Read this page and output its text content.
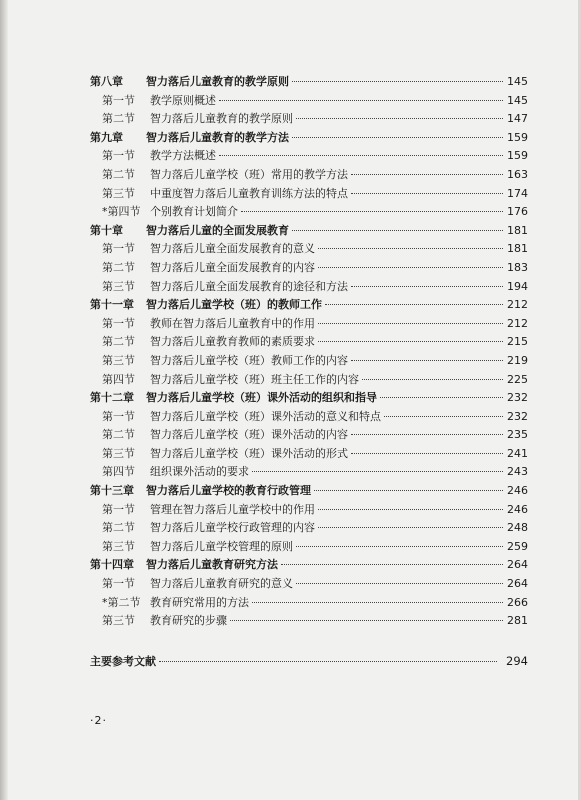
第八章	智力落后儿童教育的教学原则	145
第一节	教学原则概述	145
第二节	智力落后儿童教育的教学原则	147
第九章	智力落后儿童教育的教学方法	159
第一节	教学方法概述	159
第二节	智力落后儿童学校（班）常用的教学方法	163
第三节	中重度智力落后儿童教育训练方法的特点	174
*第四节 个别教育计划简介	176
第十章	智力落后儿童的全面发展教育	181
第一节	智力落后儿童全面发展教育的意义	181
第二节	智力落后儿童全面发展教育的内容	183
第三节	智力落后儿童全面发展教育的途径和方法	194
第十一章	智力落后儿童学校（班）的教师工作	212
第一节	教师在智力落后儿童教育中的作用	212
第二节	智力落后儿童教育教师的素质要求	215
第三节	智力落后儿童学校（班）教师工作的内容	219
第四节	智力落后儿童学校（班）班主任工作的内容	225
第十二章	智力落后儿童学校（班）课外活动的组织和指导	232
第一节	智力落后儿童学校（班）课外活动的意义和特点	232
第二节	智力落后儿童学校（班）课外活动的内容	235
第三节	智力落后儿童学校（班）课外活动的形式	241
第四节	组织课外活动的要求	243
第十三章	智力落后儿童学校的教育行政管理	246
第一节	管理在智力落后儿童学校中的作用	246
第二节	智力落后儿童学校行政管理的内容	248
第三节	智力落后儿童学校管理的原则	259
第十四章	智力落后儿童教育研究方法	264
第一节	智力落后儿童教育研究的意义	264
*第二节 教育研究常用的方法	266
第三节	教育研究的步骤	281
主要参考文献	294
·2·
